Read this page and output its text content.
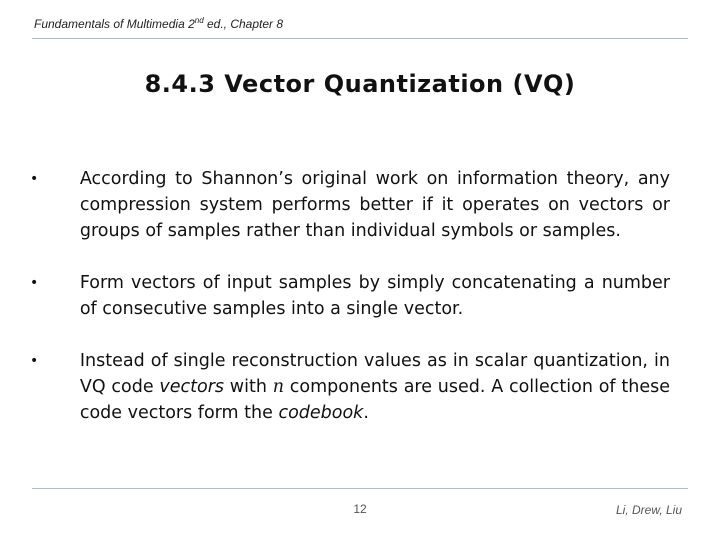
Fundamentals of Multimedia 2nd ed., Chapter 8
8.4.3 Vector Quantization (VQ)
•	According to Shannon’s original work on information theory, any compression system performs better if it operates on vectors or groups of samples rather than individual symbols or samples.
•	Form vectors of input samples by simply concatenating a number of consecutive samples into a single vector.
•	Instead of single reconstruction values as in scalar quantization, in VQ code vectors with n components are used. A collection of these code vectors form the codebook.
12	Li, Drew, Liu
